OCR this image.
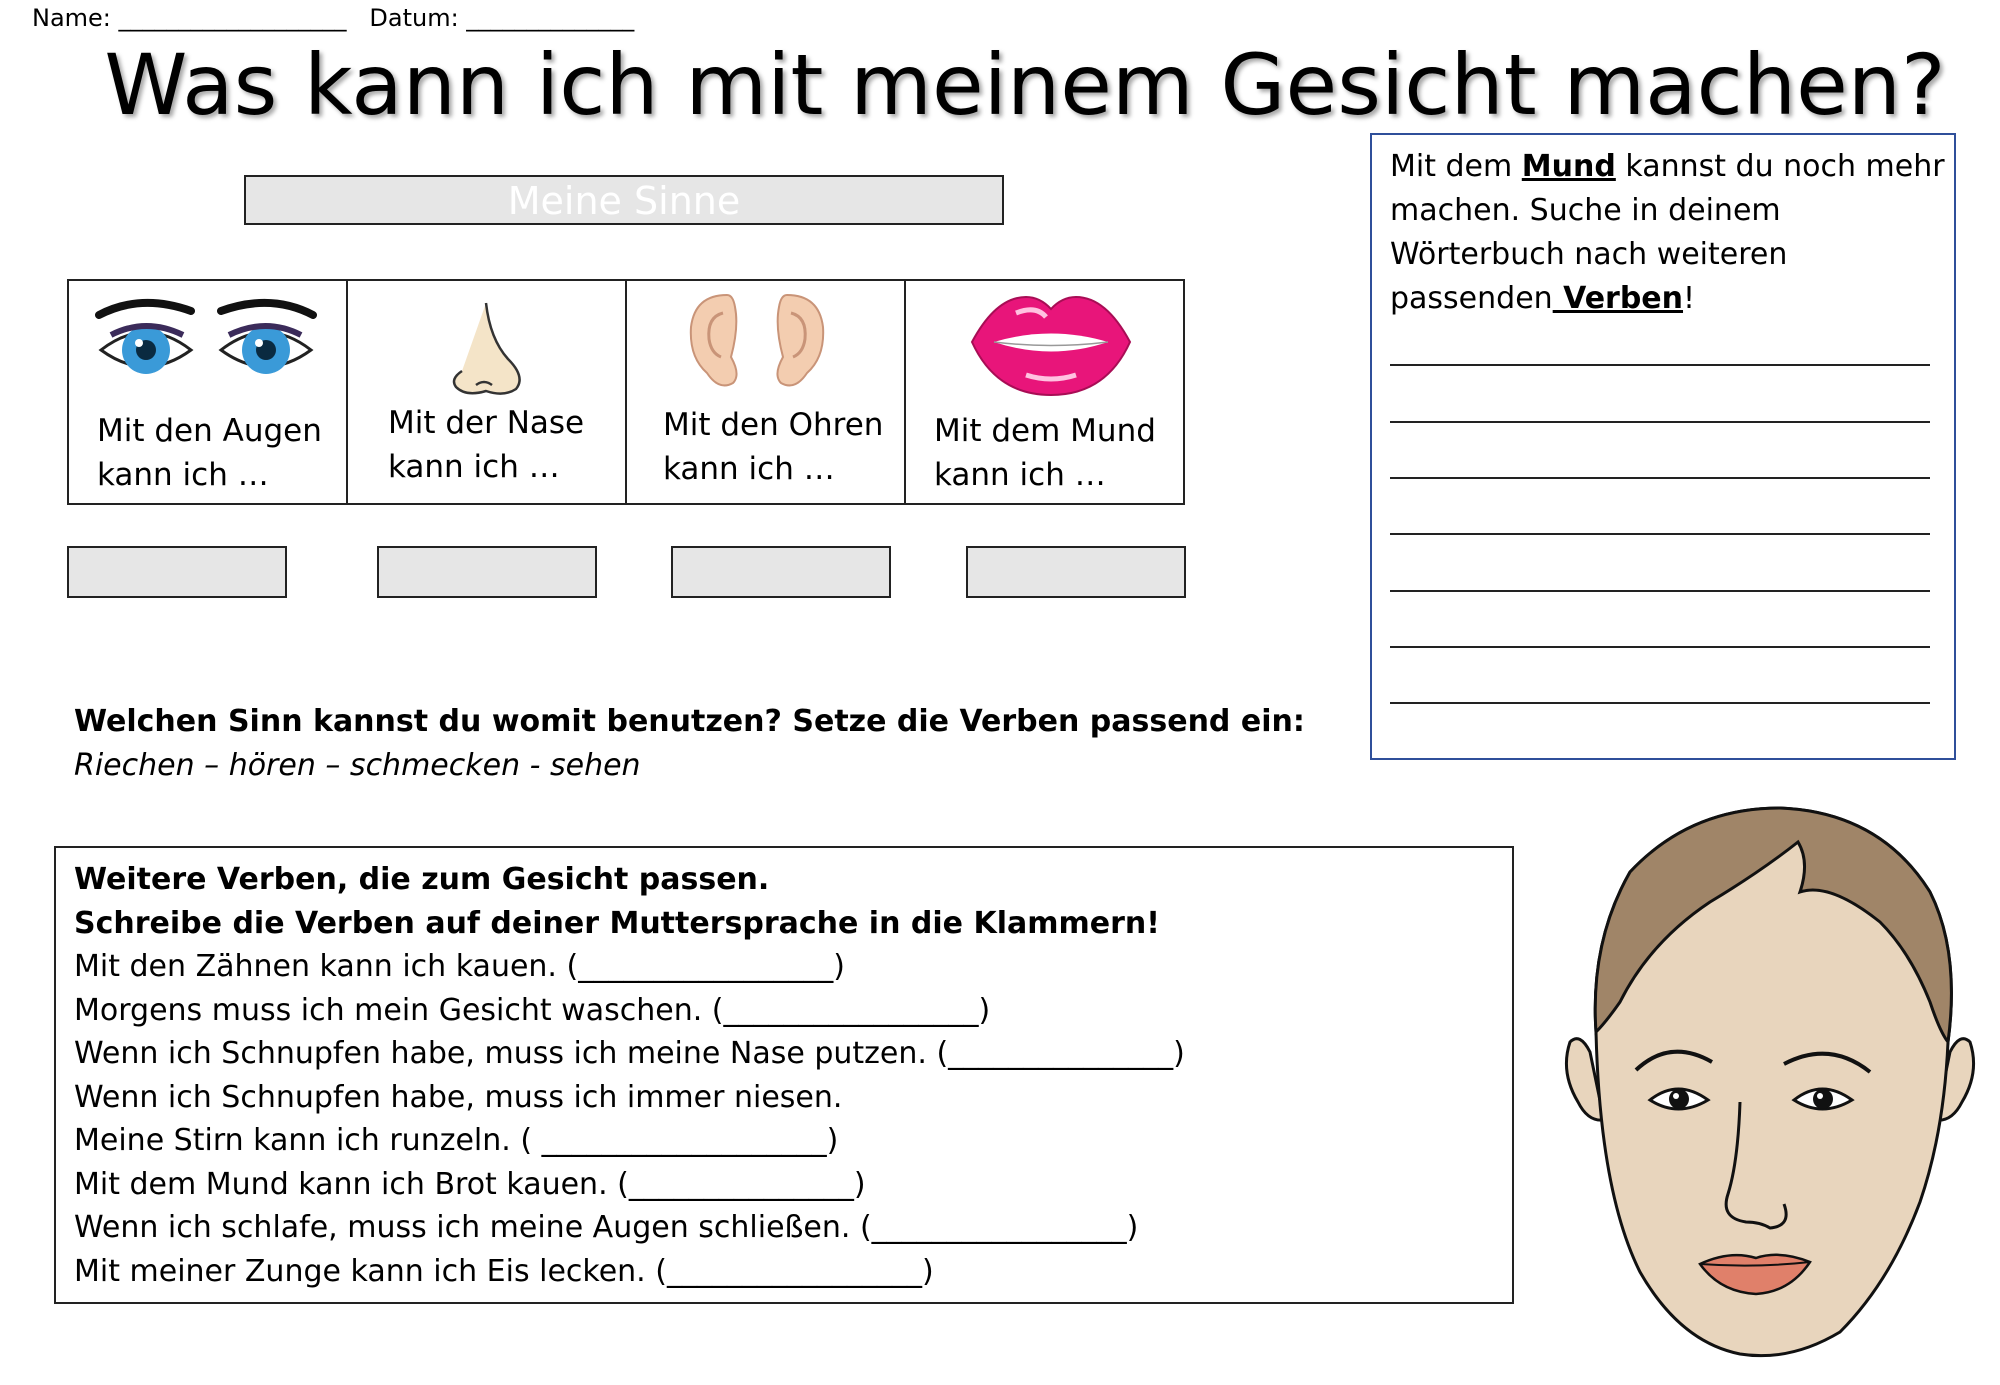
Name: ___________________   Datum: ______________
Was kann ich mit meinem Gesicht machen?
Meine Sinne
Mit den Augen
kann ich …
Mit der Nase
kann ich …
Mit den Ohren
kann ich …
Mit dem Mund
kann ich …
Welchen Sinn kannst du womit benutzen? Setze die Verben passend ein:
Riechen – hören – schmecken - sehen
Weitere Verben, die zum Gesicht passen.
Schreibe die Verben auf deiner Muttersprache in die Klammern!
Mit den Zähnen kann ich kauen. (_________________)
Morgens muss ich mein Gesicht waschen. (_________________)
Wenn ich Schnupfen habe, muss ich meine Nase putzen. (_______________)
Wenn ich Schnupfen habe, muss ich immer niesen.
Meine Stirn kann ich runzeln. ( ___________________)
Mit dem Mund kann ich Brot kauen. (_______________)
Wenn ich schlafe, muss ich meine Augen schließen. (_________________)
Mit meiner Zunge kann ich Eis lecken. (_________________)
Mit dem Mund kannst du noch mehr machen. Suche in deinem Wörterbuch nach weiteren passenden Verben!
